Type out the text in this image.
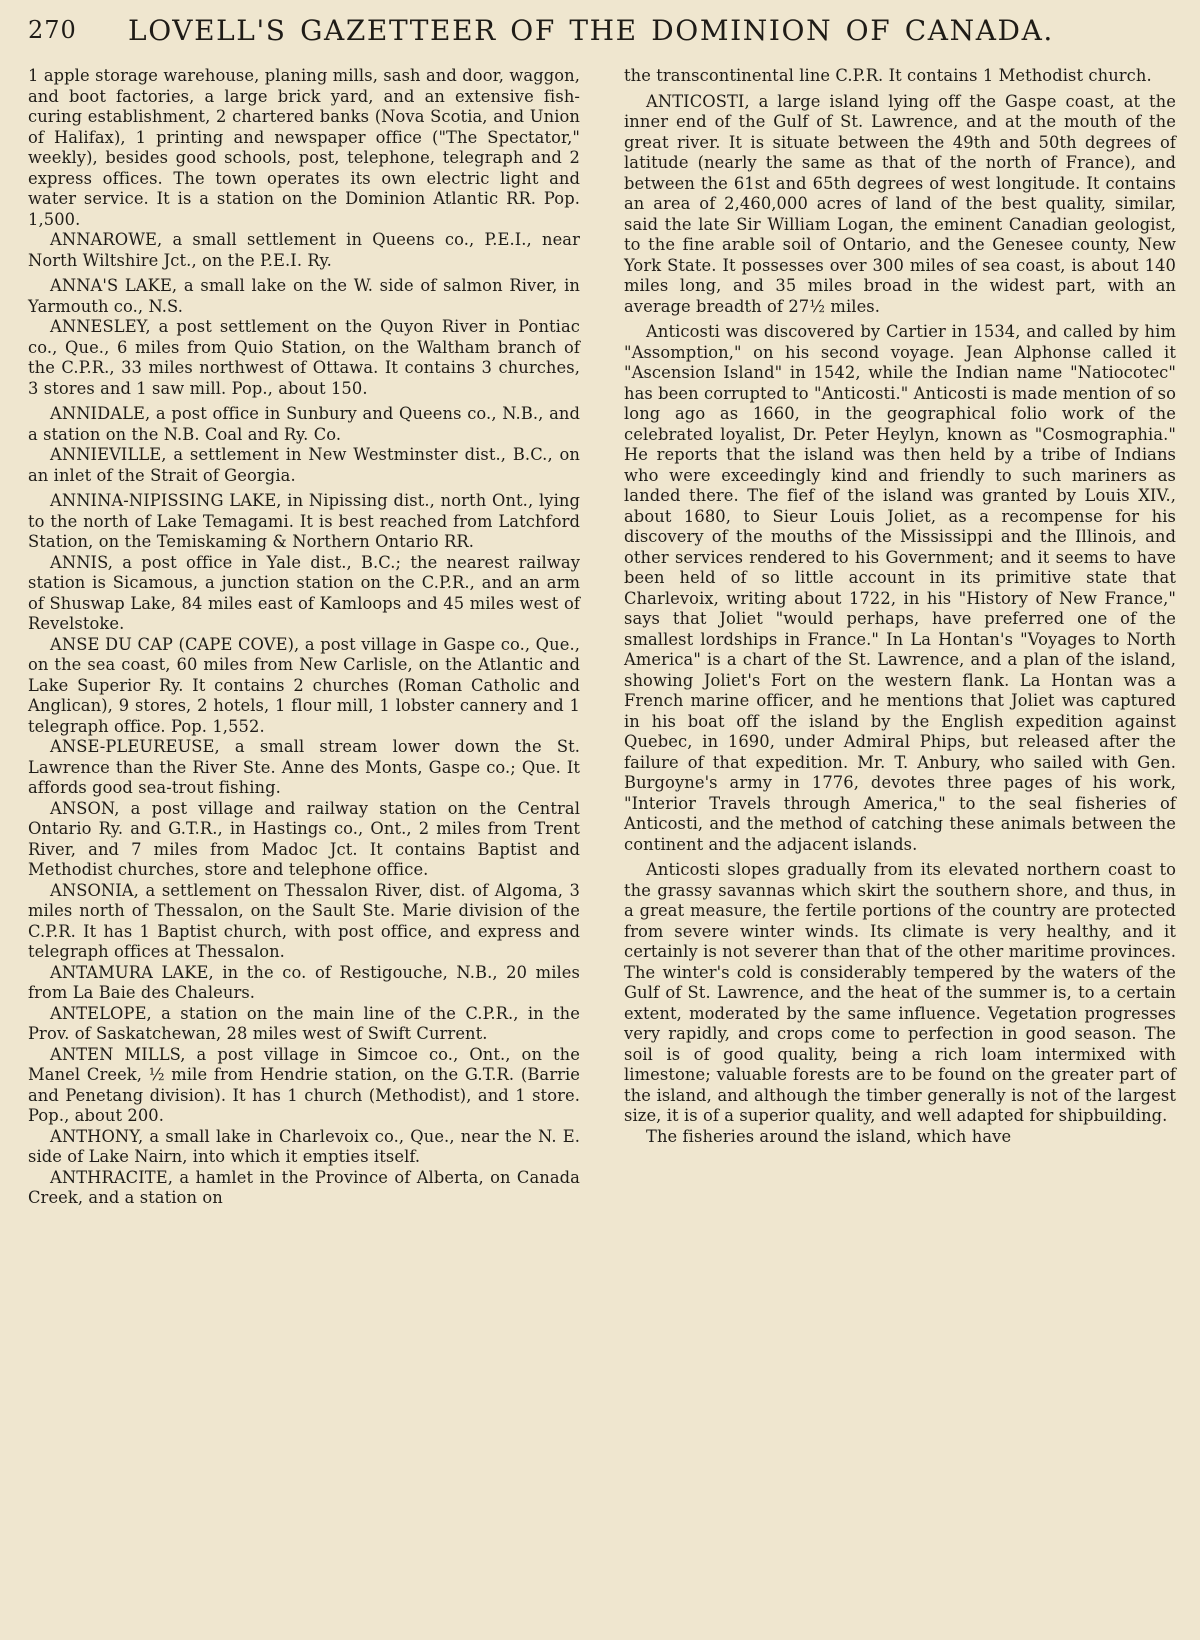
270	LOVELL'S GAZETTEER OF THE DOMINION OF CANADA.

1 apple storage warehouse, planing mills, sash and door, waggon, and boot factories, a large brick yard, and an extensive fish-curing establishment, 2 chartered banks (Nova Scotia, and Union of Halifax), 1 printing and newspaper office ("The Spectator," weekly), besides good schools, post, telephone, telegraph and 2 express offices. The town operates its own electric light and water service. It is a station on the Dominion Atlantic RR. Pop. 1,500.

ANNAROWE, a small settlement in Queens co., P.E.I., near North Wiltshire Jct., on the P.E.I. Ry.

ANNA'S LAKE, a small lake on the W. side of salmon River, in Yarmouth co., N.S.

ANNESLEY, a post settlement on the Quyon River in Pontiac co., Que., 6 miles from Quio Station, on the Waltham branch of the C.P.R., 33 miles northwest of Ottawa. It contains 3 churches, 3 stores and 1 saw mill. Pop., about 150.

ANNIDALE, a post office in Sunbury and Queens co., N.B., and a station on the N.B. Coal and Ry. Co.

ANNIEVILLE, a settlement in New Westminster dist., B.C., on an inlet of the Strait of Georgia.

ANNINA-NIPISSING LAKE, in Nipissing dist., north Ont., lying to the north of Lake Temagami. It is best reached from Latchford Station, on the Temiskaming & Northern Ontario RR.

ANNIS, a post office in Yale dist., B.C.; the nearest railway station is Sicamous, a junction station on the C.P.R., and an arm of Shuswap Lake, 84 miles east of Kamloops and 45 miles west of Revelstoke.

ANSE DU CAP (CAPE COVE), a post village in Gaspe co., Que., on the sea coast, 60 miles from New Carlisle, on the Atlantic and Lake Superior Ry. It contains 2 churches (Roman Catholic and Anglican), 9 stores, 2 hotels, 1 flour mill, 1 lobster cannery and 1 telegraph office. Pop. 1,552.

ANSE-PLEUREUSE, a small stream lower down the St. Lawrence than the River Ste. Anne des Monts, Gaspe co.; Que. It affords good sea-trout fishing.

ANSON, a post village and railway station on the Central Ontario Ry. and G.T.R., in Hastings co., Ont., 2 miles from Trent River, and 7 miles from Madoc Jct. It contains Baptist and Methodist churches, store and telephone office.

ANSONIA, a settlement on Thessalon River, dist. of Algoma, 3 miles north of Thessalon, on the Sault Ste. Marie division of the C.P.R. It has 1 Baptist church, with post office, and express and telegraph offices at Thessalon.

ANTAMURA LAKE, in the co. of Restigouche, N.B., 20 miles from La Baie des Chaleurs.

ANTELOPE, a station on the main line of the C.P.R., in the Prov. of Saskatchewan, 28 miles west of Swift Current.

ANTEN MILLS, a post village in Simcoe co., Ont., on the Manel Creek, ½ mile from Hendrie station, on the G.T.R. (Barrie and Penetang division). It has 1 church (Methodist), and 1 store. Pop., about 200.

ANTHONY, a small lake in Charlevoix co., Que., near the N. E. side of Lake Nairn, into which it empties itself.

ANTHRACITE, a hamlet in the Province of Alberta, on Canada Creek, and a station on

the transcontinental line C.P.R. It contains 1 Methodist church.

ANTICOSTI, a large island lying off the Gaspe coast, at the inner end of the Gulf of St. Lawrence, and at the mouth of the great river. It is situate between the 49th and 50th degrees of latitude (nearly the same as that of the north of France), and between the 61st and 65th degrees of west longitude. It contains an area of 2,460,000 acres of land of the best quality, similar, said the late Sir William Logan, the eminent Canadian geologist, to the fine arable soil of Ontario, and the Genesee county, New York State. It possesses over 300 miles of sea coast, is about 140 miles long, and 35 miles broad in the widest part, with an average breadth of 27½ miles.

Anticosti was discovered by Cartier in 1534, and called by him "Assomption," on his second voyage. Jean Alphonse called it "Ascension Island" in 1542, while the Indian name "Natiocotec" has been corrupted to "Anticosti." Anticosti is made mention of so long ago as 1660, in the geographical folio work of the celebrated loyalist, Dr. Peter Heylyn, known as "Cosmographia." He reports that the island was then held by a tribe of Indians who were exceedingly kind and friendly to such mariners as landed there. The fief of the island was granted by Louis XIV., about 1680, to Sieur Louis Joliet, as a recompense for his discovery of the mouths of the Mississippi and the Illinois, and other services rendered to his Government; and it seems to have been held of so little account in its primitive state that Charlevoix, writing about 1722, in his "History of New France," says that Joliet "would perhaps, have preferred one of the smallest lordships in France." In La Hontan's "Voyages to North America" is a chart of the St. Lawrence, and a plan of the island, showing Joliet's Fort on the western flank. La Hontan was a French marine officer, and he mentions that Joliet was captured in his boat off the island by the English expedition against Quebec, in 1690, under Admiral Phips, but released after the failure of that expedition. Mr. T. Anbury, who sailed with Gen. Burgoyne's army in 1776, devotes three pages of his work, "Interior Travels through America," to the seal fisheries of Anticosti, and the method of catching these animals between the continent and the adjacent islands.

Anticosti slopes gradually from its elevated northern coast to the grassy savannas which skirt the southern shore, and thus, in a great measure, the fertile portions of the country are protected from severe winter winds. Its climate is very healthy, and it certainly is not severer than that of the other maritime provinces. The winter's cold is considerably tempered by the waters of the Gulf of St. Lawrence, and the heat of the summer is, to a certain extent, moderated by the same influence. Vegetation progresses very rapidly, and crops come to perfection in good season. The soil is of good quality, being a rich loam intermixed with limestone; valuable forests are to be found on the greater part of the island, and although the timber generally is not of the largest size, it is of a superior quality, and well adapted for shipbuilding.

The fisheries around the island, which have
